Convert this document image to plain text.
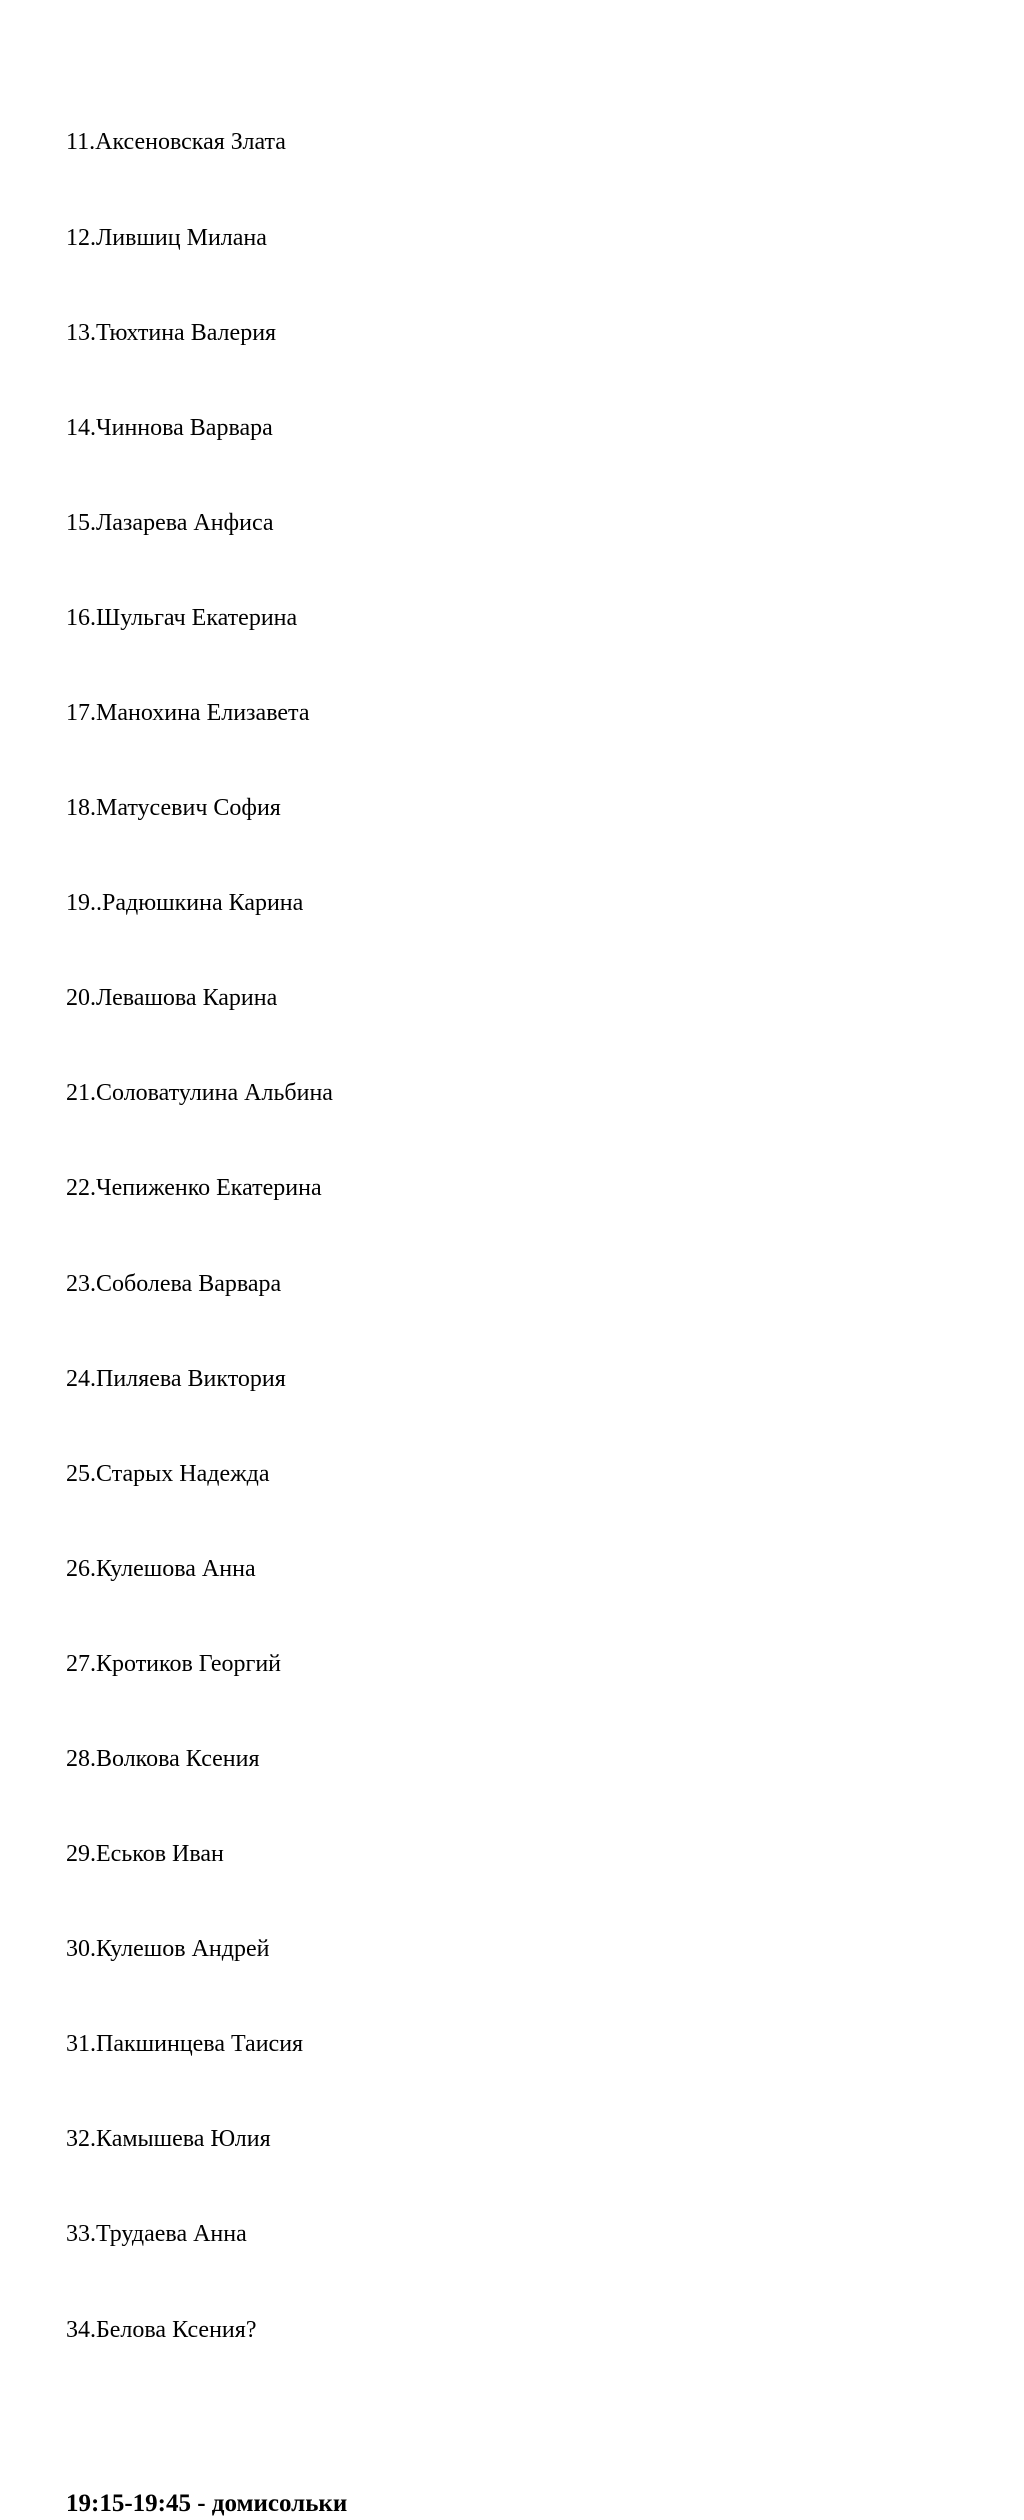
11.Аксеновская Злата

12.Лившиц Милана

13.Тюхтина Валерия

14.Чиннова Варвара

15.Лазарева Анфиса

16.Шульгач Екатерина

17.Манохина Елизавета

18.Матусевич София

19..Радюшкина Карина

20.Левашова Карина

21.Соловатулина Альбина

22.Чепиженко Екатерина

23.Соболева Варвара

24.Пиляева Виктория

25.Старых Надежда

26.Кулешова Анна

27.Кротиков Георгий

28.Волкова Ксения

29.Еськов Иван

30.Кулешов Андрей

31.Пакшинцева Таисия

32.Камышева Юлия

33.Трудаева Анна

34.Белова Ксения?

19:15-19:45 - домисольки
